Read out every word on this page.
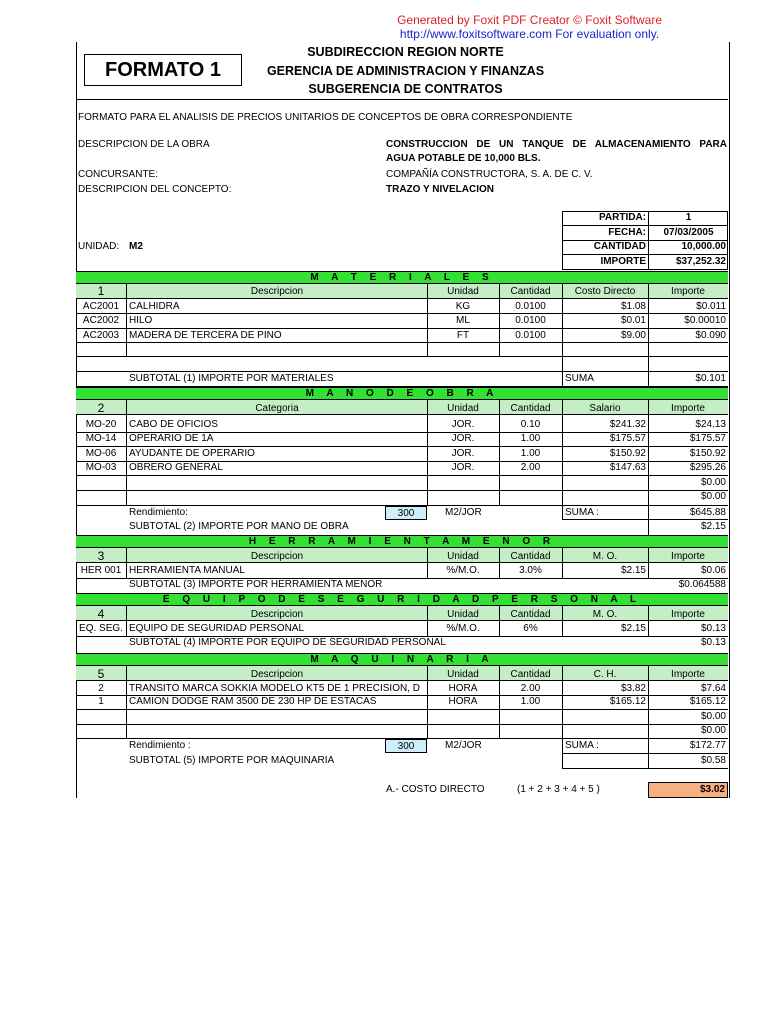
Generated by Foxit PDF Creator © Foxit Software
http://www.foxitsoftware.com For evaluation only.
FORMATO 1
SUBDIRECCION REGION NORTE
GERENCIA DE ADMINISTRACION Y FINANZAS
SUBGERENCIA DE CONTRATOS
FORMATO PARA EL ANALISIS DE PRECIOS UNITARIOS DE CONCEPTOS DE OBRA CORRESPONDIENTE
DESCRIPCION DE LA OBRA	CONSTRUCCION DE UN TANQUE DE ALMACENAMIENTO PARA
AGUA POTABLE DE 10,000 BLS.
CONCURSANTE:	COMPAÑÍA CONSTRUCTORA, S. A. DE C. V.
DESCRIPCION DEL CONCEPTO:	TRAZO Y NIVELACION
UNIDAD: M2
PARTIDA:	1
FECHA:	07/03/2005
CANTIDAD	10,000.00
IMPORTE	$37,252.32
M A T E R I A L E S
1	Descripcion	Unidad	Cantidad	Costo Directo	Importe
AC2001 CALHIDRA	KG	0.0100	$1.08	$0.011
AC2002 HILO	ML	0.0100	$0.01	$0.00010
AC2003 MADERA DE TERCERA DE PINO	FT	0.0100	$9.00	$0.090
SUBTOTAL (1) IMPORTE POR MATERIALES	SUMA	$0.101
M A N O D E O B R A
2	Categoria	Unidad	Cantidad	Salario	Importe
MO-20	CABO DE OFICIOS	JOR.	0.10	$241.32	$24.13
MO-14	OPERARIO DE 1A	JOR.	1.00	$175.57	$175.57
MO-06	AYUDANTE DE OPERARIO	JOR.	1.00	$150.92	$150.92
MO-03	OBRERO GENERAL	JOR.	2.00	$147.63	$295.26
$0.00
$0.00
Rendimiento:	300	M2/JOR	SUMA :	$645.88
SUBTOTAL (2) IMPORTE POR MANO DE OBRA	$2.15
H E R R A M I E N T A M E N O R
3	Descripcion	Unidad	Cantidad	M. O.	Importe
HER 001 HERRAMIENTA MANUAL	%/M.O.	3.0%	$2.15	$0.06
SUBTOTAL (3) IMPORTE POR HERRAMIENTA MENOR	$0.064588
E Q U I P O D E S E G U R I D A D P E R S O N A L
4	Descripcion	Unidad	Cantidad	M. O.	Importe
EQ. SEG. EQUIPO DE SEGURIDAD PERSONAL	%/M.O.	6%	$2.15	$0.13
SUBTOTAL (4) IMPORTE POR EQUIPO DE SEGURIDAD PERSONAL	$0.13
M A Q U I N A R I A
5	Descripcion	Unidad	Cantidad	C. H.	Importe
2	TRANSITO MARCA SOKKIA MODELO KT5 DE 1 PRECISION, D	HORA	2.00	$3.82	$7.64
1	CAMION DODGE RAM 3500 DE 230 HP DE ESTACAS	HORA	1.00	$165.12	$165.12
$0.00
$0.00
Rendimiento :	300	M2/JOR	SUMA :	$172.77
SUBTOTAL (5) IMPORTE POR MAQUINARIA	$0.58
A.- COSTO DIRECTO	(1 + 2 + 3 + 4 + 5 )	$3.02
